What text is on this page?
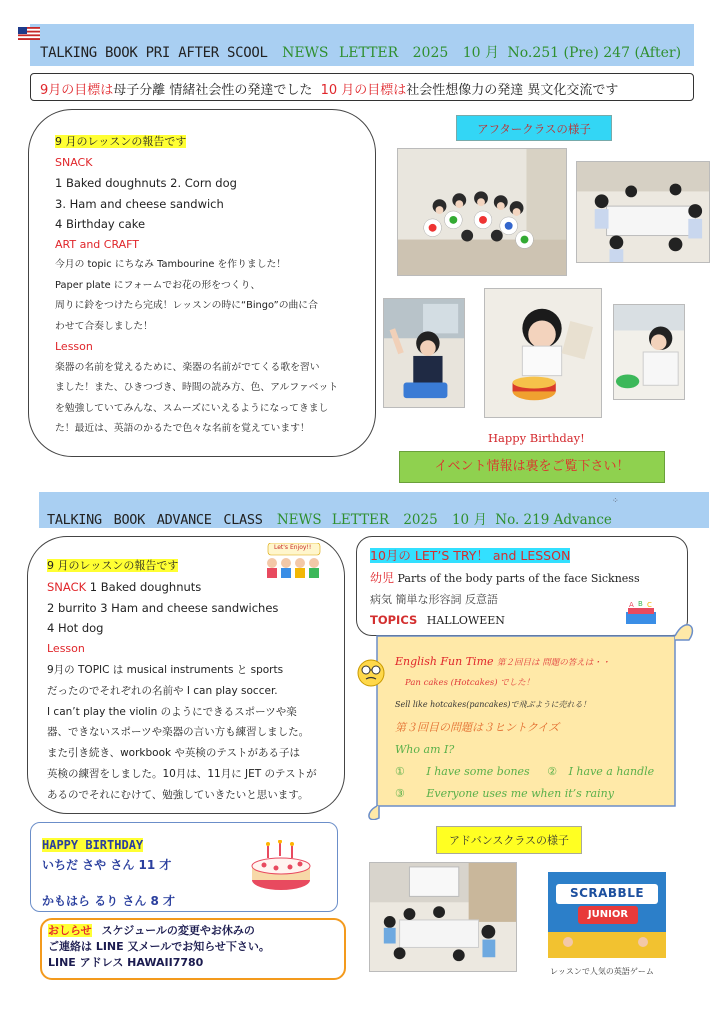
TALKING BOOK PRI AFTER SCOOL NEWS LETTER 2025 10 月 No.251 (Pre) 247 (After)
9月の目標は母子分離 情緒社会性の発達でした 10 月の目標は社会性想像力の発達 異文化交流です
9 月のレッスンの報告です
SNACK
1 Baked doughnuts 2. Corn dog
3. Ham and cheese sandwich
4 Birthday cake
ART and CRAFT
今月の topic にちなみ Tambourine を作りました！
Paper plate にフォームでお花の形をつくり、
周りに鈴をつけたら完成！レッスンの時に“Bingo”の曲に合
わせて合奏しました！
Lesson
楽器の名前を覚えるために、楽器の名前がでてくる歌を習い
ました！また、ひきつづき、時間の読み方、色、アルファベット
を勉強していてみんな、スムーズにいえるようになってきまし
た！最近は、英語のかるたで色々な名前を覚えています！
アフタークラスの様子
Happy Birthday!
イベント情報は裏をご覧下さい！
⁘
TALKING BOOK ADVANCE CLASS NEWS LETTER 2025 10 月 No. 219 Advance
Let's Enjoy!!
9 月のレッスンの報告です
SNACK 1 Baked doughnuts
2 burrito 3 Ham and cheese sandwiches
4 Hot dog
Lesson
9月の TOPIC は musical instruments と sports
だったのでそれぞれの名前や I can play soccer.
I can’t play the violin のようにできるスポーツや楽
器、できないスポーツや楽器の言い方も練習しました。
また引き続き、workbook や英検のテストがある子は
英検の練習をしました。10月は、11月に JET のテストが
あるのでそれにむけて、勉強していきたいと思います。
10月の LET’S TRY！ and LESSON
幼児 Parts of the body parts of the face Sickness
病気 簡単な形容詞 反意語
TOPICS HALLOWEEN
A B C
English Fun Time 第２回目は 問題の答えは・・
Pan cakes (Hotcakes) でした！
Sell like hotcakes(pancakes)で飛ぶように売れる！
第３回目の問題は３ヒントクイズ
Who am I?
① I have some bones ② I have a handle
③ Everyone uses me when it’s rainy
アドバンスクラスの様子
SCRABBLE
JUNIOR
レッスンで人気の英語ゲーム
HAPPY BIRTHDAY
いちだ さや さん 11 才
かもはら るり さん 8 才
おしらせ スケジュールの変更やお休みの
ご連絡は LINE 又メールでお知らせ下さい。
LINE アドレス HAWAII7780
